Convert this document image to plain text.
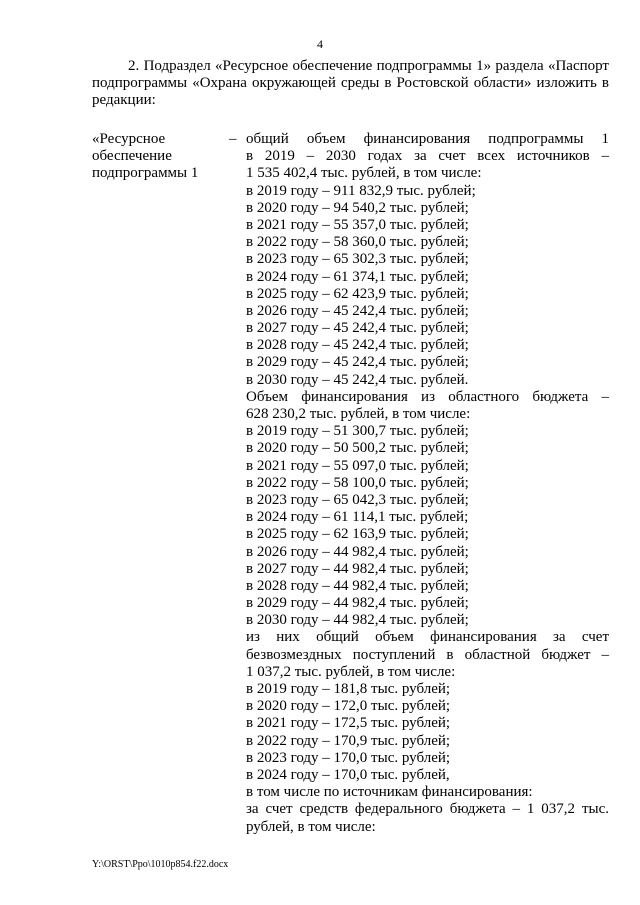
4

2. Подраздел «Ресурсное обеспечение подпрограммы 1» раздела «Паспорт подпрограммы «Охрана окружающей среды в Ростовской области» изложить в редакции:

«Ресурсное
обеспечение
подпрограммы 1
– общий объем финансирования подпрограммы 1
в 2019 – 2030 годах за счет всех источников –
1 535 402,4 тыс. рублей, в том числе:
в 2019 году – 911 832,9 тыс. рублей;
в 2020 году – 94 540,2 тыс. рублей;
в 2021 году – 55 357,0 тыс. рублей;
в 2022 году – 58 360,0 тыс. рублей;
в 2023 году – 65 302,3 тыс. рублей;
в 2024 году – 61 374,1 тыс. рублей;
в 2025 году – 62 423,9 тыс. рублей;
в 2026 году – 45 242,4 тыс. рублей;
в 2027 году – 45 242,4 тыс. рублей;
в 2028 году – 45 242,4 тыс. рублей;
в 2029 году – 45 242,4 тыс. рублей;
в 2030 году – 45 242,4 тыс. рублей.
Объем финансирования из областного бюджета –
628 230,2 тыс. рублей, в том числе:
в 2019 году – 51 300,7 тыс. рублей;
в 2020 году – 50 500,2 тыс. рублей;
в 2021 году – 55 097,0 тыс. рублей;
в 2022 году – 58 100,0 тыс. рублей;
в 2023 году – 65 042,3 тыс. рублей;
в 2024 году – 61 114,1 тыс. рублей;
в 2025 году – 62 163,9 тыс. рублей;
в 2026 году – 44 982,4 тыс. рублей;
в 2027 году – 44 982,4 тыс. рублей;
в 2028 году – 44 982,4 тыс. рублей;
в 2029 году – 44 982,4 тыс. рублей;
в 2030 году – 44 982,4 тыс. рублей;
из них общий объем финансирования за счет
безвозмездных поступлений в областной бюджет –
1 037,2 тыс. рублей, в том числе:
в 2019 году – 181,8 тыс. рублей;
в 2020 году – 172,0 тыс. рублей;
в 2021 году – 172,5 тыс. рублей;
в 2022 году – 170,9 тыс. рублей;
в 2023 году – 170,0 тыс. рублей;
в 2024 году – 170,0 тыс. рублей,
в том числе по источникам финансирования:
за счет средств федерального бюджета – 1 037,2 тыс.
рублей, в том числе:
Y:\ORST\Ppo\1010p854.f22.docx
